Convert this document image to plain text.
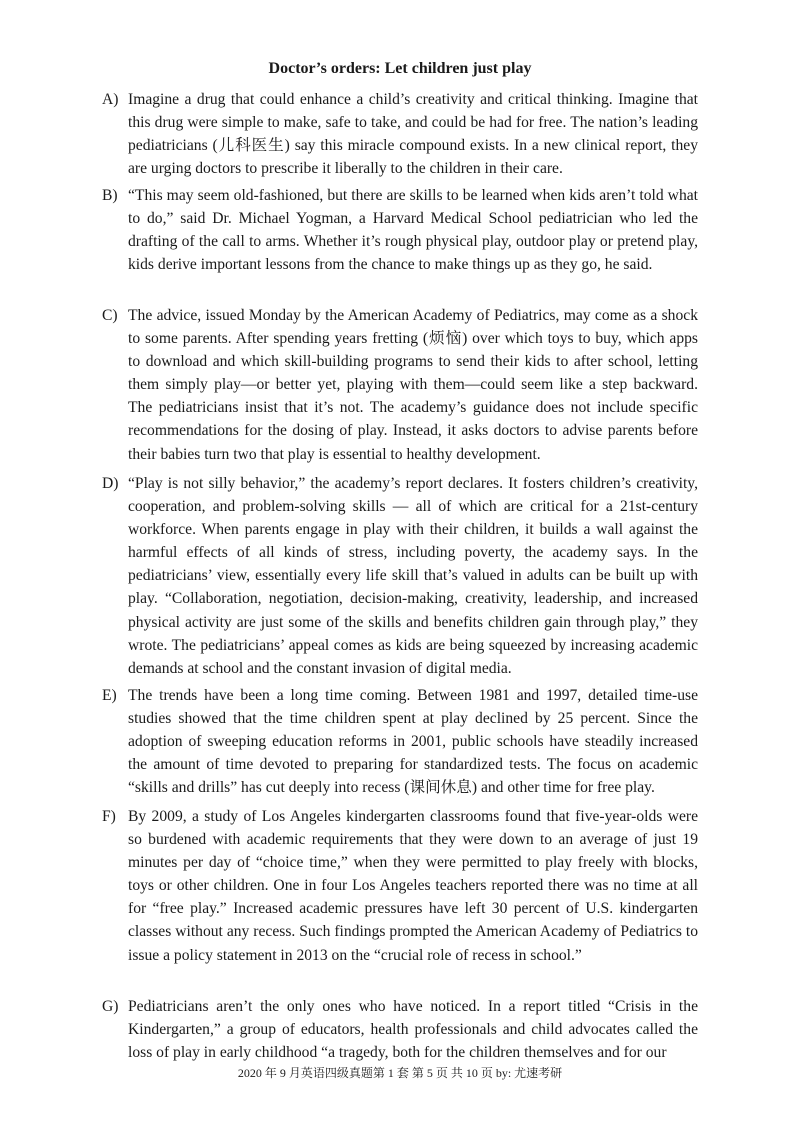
Doctor’s orders: Let children just play
A) Imagine a drug that could enhance a child’s creativity and critical thinking. Imagine that this drug were simple to make, safe to take, and could be had for free. The nation’s leading pediatricians (儿科医生) say this miracle compound exists. In a new clinical report, they are urging doctors to prescribe it liberally to the children in their care.
B) “This may seem old-fashioned, but there are skills to be learned when kids aren’t told what to do,” said Dr. Michael Yogman, a Harvard Medical School pediatrician who led the drafting of the call to arms. Whether it’s rough physical play, outdoor play or pretend play, kids derive important lessons from the chance to make things up as they go, he said.
C) The advice, issued Monday by the American Academy of Pediatrics, may come as a shock to some parents. After spending years fretting (烦恼) over which toys to buy, which apps to download and which skill-building programs to send their kids to after school, letting them simply play—or better yet, playing with them—could seem like a step backward. The pediatricians insist that it’s not. The academy’s guidance does not include specific recommendations for the dosing of play. Instead, it asks doctors to advise parents before their babies turn two that play is essential to healthy development.
D) “Play is not silly behavior,” the academy’s report declares. It fosters children’s creativity, cooperation, and problem-solving skills — all of which are critical for a 21st-century workforce. When parents engage in play with their children, it builds a wall against the harmful effects of all kinds of stress, including poverty, the academy says. In the pediatricians’ view, essentially every life skill that’s valued in adults can be built up with play. “Collaboration, negotiation, decision-making, creativity, leadership, and increased physical activity are just some of the skills and benefits children gain through play,” they wrote. The pediatricians’ appeal comes as kids are being squeezed by increasing academic demands at school and the constant invasion of digital media.
E) The trends have been a long time coming. Between 1981 and 1997, detailed time-use studies showed that the time children spent at play declined by 25 percent. Since the adoption of sweeping education reforms in 2001, public schools have steadily increased the amount of time devoted to preparing for standardized tests. The focus on academic “skills and drills” has cut deeply into recess (课间休息) and other time for free play.
F) By 2009, a study of Los Angeles kindergarten classrooms found that five-year-olds were so burdened with academic requirements that they were down to an average of just 19 minutes per day of “choice time,” when they were permitted to play freely with blocks, toys or other children. One in four Los Angeles teachers reported there was no time at all for “free play.” Increased academic pressures have left 30 percent of U.S. kindergarten classes without any recess. Such findings prompted the American Academy of Pediatrics to issue a policy statement in 2013 on the “crucial role of recess in school.”
G) Pediatricians aren’t the only ones who have noticed. In a report titled “Crisis in the Kindergarten,” a group of educators, health professionals and child advocates called the loss of play in early childhood “a tragedy, both for the children themselves and for our
2020 年 9 月英语四级真题第 1 套 第 5 页 共 10 页 by: 尤速考研
